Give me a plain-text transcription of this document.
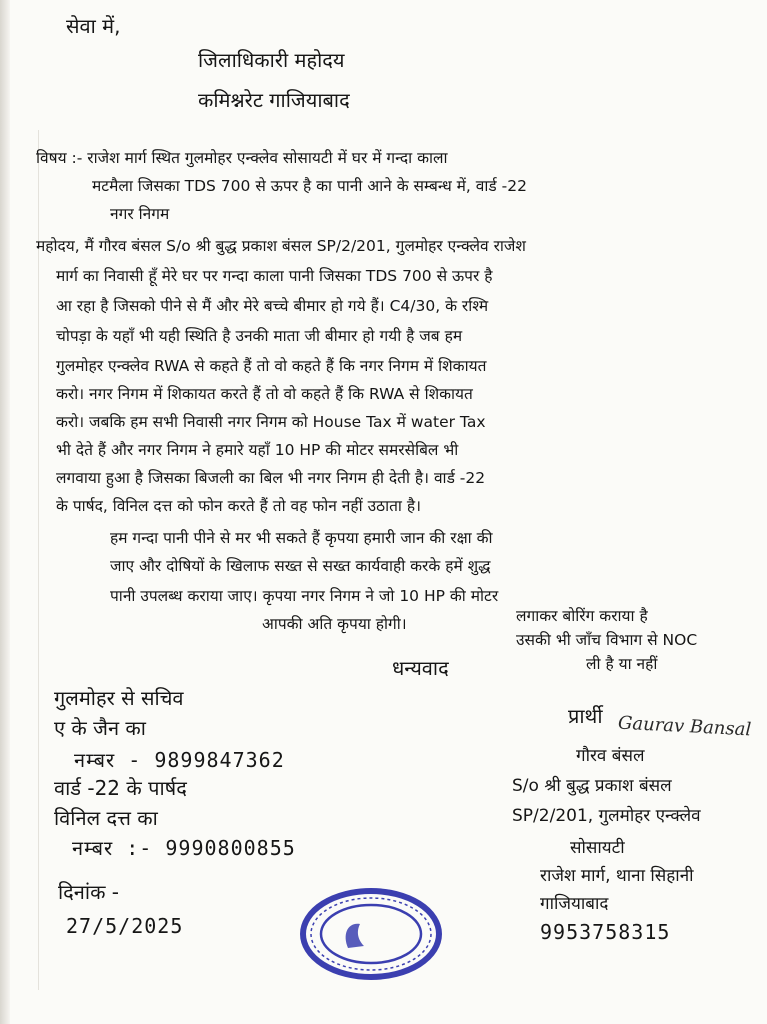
सेवा में,
जिलाधिकारी महोदय
कमिश्नरेट गाजियाबाद
विषय :- राजेश मार्ग स्थित गुलमोहर एन्क्लेव सोसायटी में घर में गन्दा काला
मटमैला जिसका TDS 700 से ऊपर है का पानी आने के सम्बन्ध में, वार्ड -22
नगर निगम
महोदय, मैं गौरव बंसल S/o श्री बुद्ध प्रकाश बंसल SP/2/201, गुलमोहर एन्क्लेव राजेश
मार्ग का निवासी हूँ मेरे घर पर गन्दा काला पानी जिसका TDS 700 से ऊपर है
आ रहा है जिसको पीने से मैं और मेरे बच्चे बीमार हो गये हैं। C4/30, के रश्मि
चोपड़ा के यहाँ भी यही स्थिति है उनकी माता जी बीमार हो गयी है जब हम
गुलमोहर एन्क्लेव RWA से कहते हैं तो वो कहते हैं कि नगर निगम में शिकायत
करो। नगर निगम में शिकायत करते हैं तो वो कहते हैं कि RWA से शिकायत
करो। जबकि हम सभी निवासी नगर निगम को House Tax में water Tax
भी देते हैं और नगर निगम ने हमारे यहाँ 10 HP की मोटर समरसेबिल भी
लगवाया हुआ है जिसका बिजली का बिल भी नगर निगम ही देती है। वार्ड -22
के पार्षद, विनिल दत्त को फोन करते हैं तो वह फोन नहीं उठाता है।
हम गन्दा पानी पीने से मर भी सकते हैं कृपया हमारी जान की रक्षा की
जाए और दोषियों के खिलाफ सख्त से सख्त कार्यवाही करके हमें शुद्ध
पानी उपलब्ध कराया जाए। कृपया नगर निगम ने जो 10 HP की मोटर
आपकी अति कृपया होगी।	लगाकर बोरिंग कराया है
उसकी भी जाँच विभाग से NOC
ली है या नहीं
धन्यवाद
गुलमोहर से सचिव
ए के जैन का
नम्बर - 9899847362
वार्ड -22 के पार्षद
विनिल दत्त का
नम्बर :- 9990800855
दिनांक -
27/5/2025
प्रार्थी Gaurav Bansal
गौरव बंसल
S/o श्री बुद्ध प्रकाश बंसल
SP/2/201, गुलमोहर एन्क्लेव
सोसायटी
राजेश मार्ग, थाना सिहानी
गाजियाबाद
9953758315
